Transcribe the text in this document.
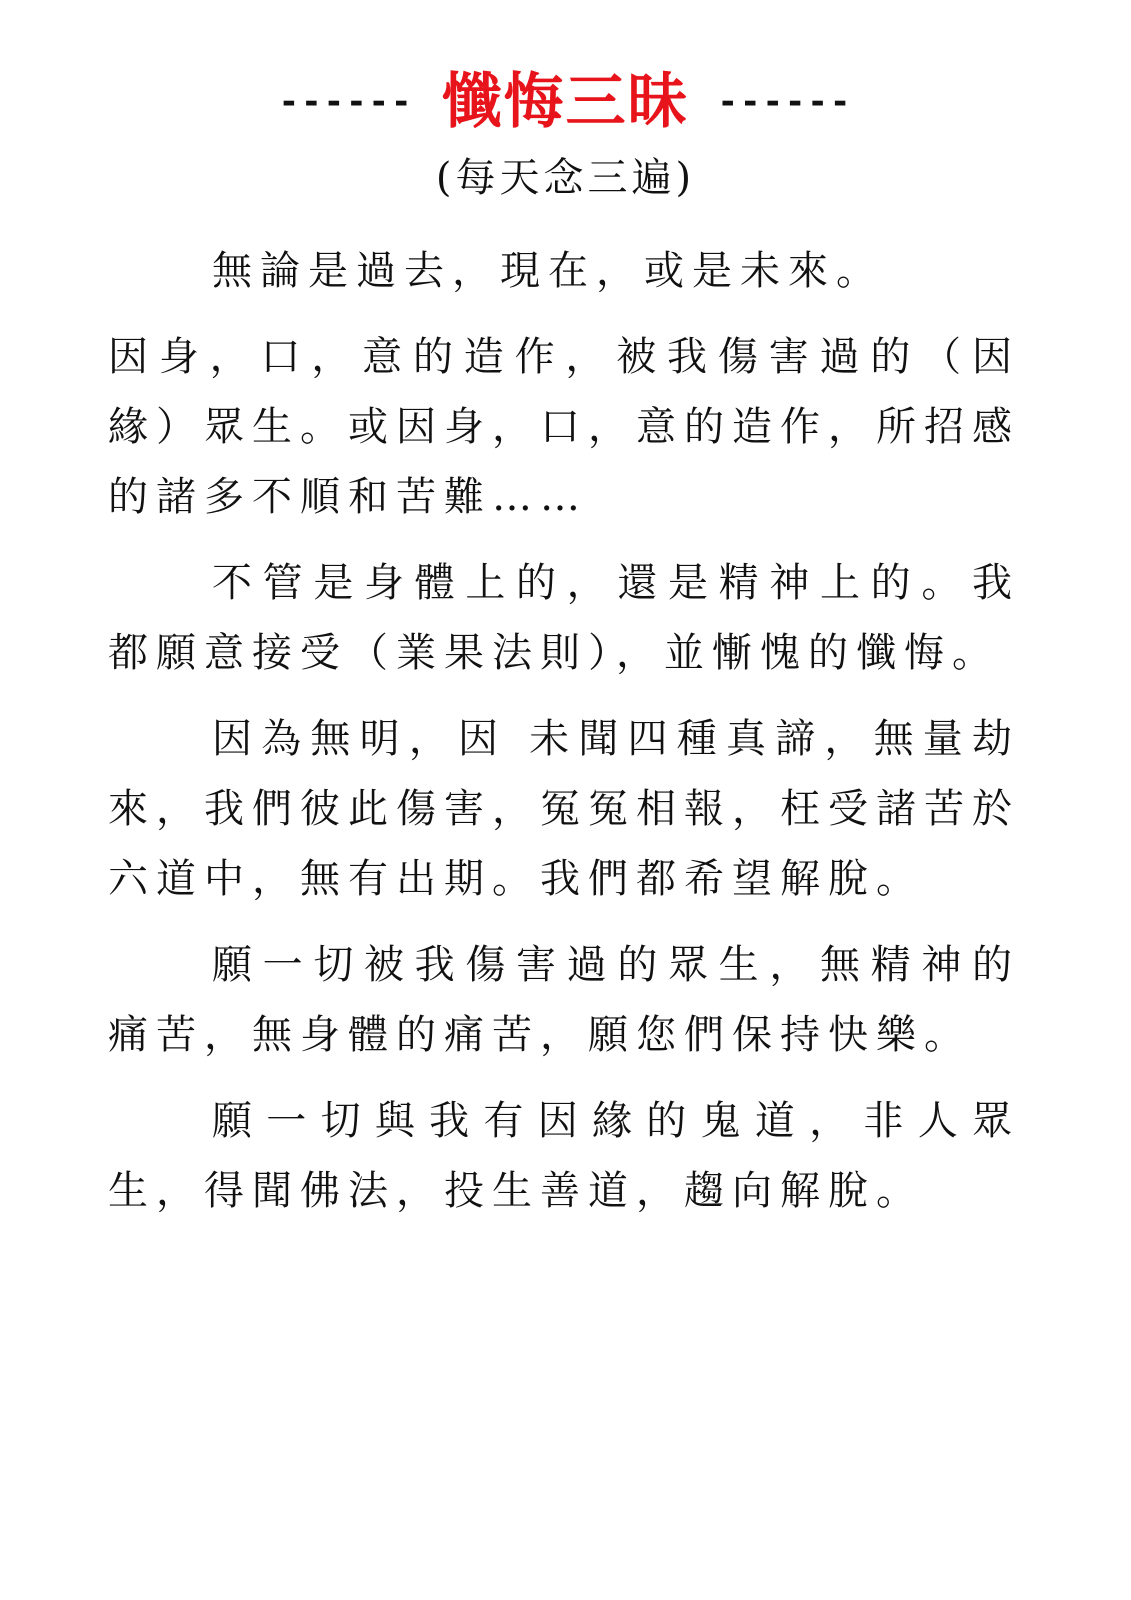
------ 懺悔三昧 ------
(每天念三遍)

無論是過去，現在，或是未來。

因身，口，意的造作，被我傷害過的（因緣）眾生。或因身，口，意的造作，所招感的諸多不順和苦難……

不管是身體上的，還是精神上的。我都願意接受（業果法則），並慚愧的懺悔。

因為無明，因 未聞四種真諦，無量劫來，我們彼此傷害，冤冤相報，枉受諸苦於六道中，無有出期。我們都希望解脫。

願一切被我傷害過的眾生，無精神的痛苦，無身體的痛苦，願您們保持快樂。

願一切與我有因緣的鬼道，非人眾生，得聞佛法，投生善道，趨向解脫。
